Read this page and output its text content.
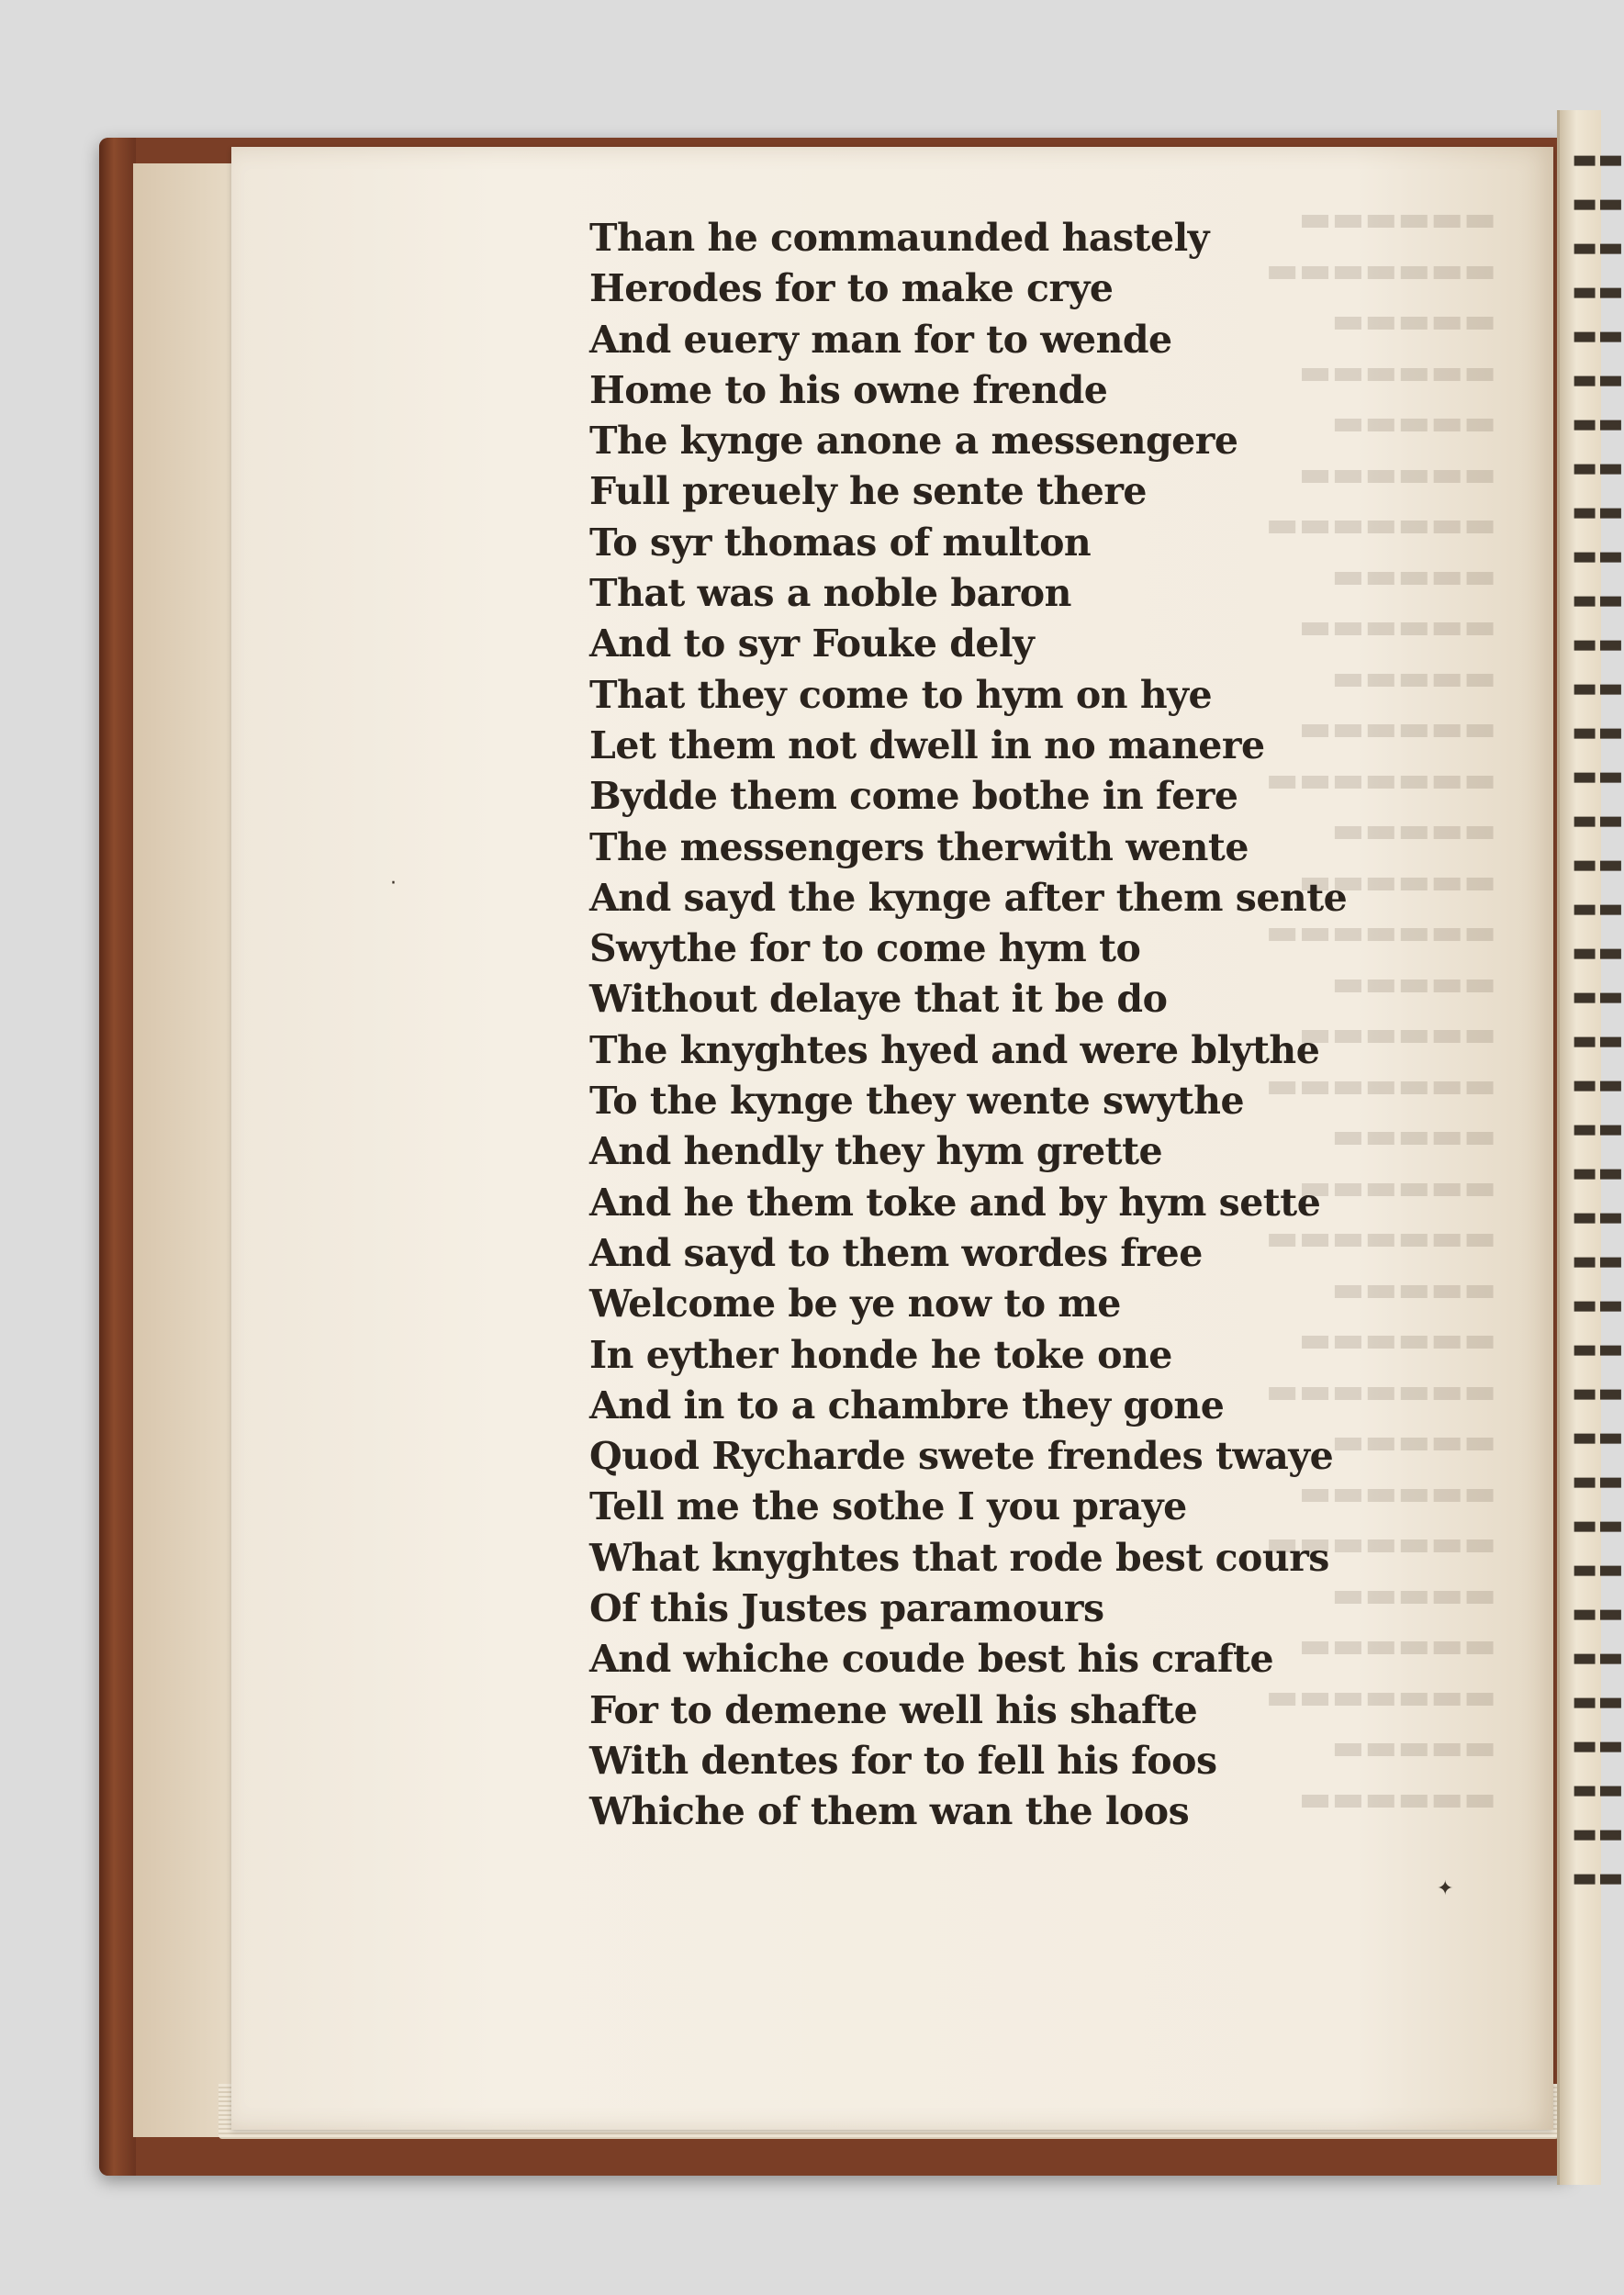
▬▬▬▬▬▬
▬▬▬▬▬▬▬
▬▬▬▬▬
▬▬▬▬▬▬
▬▬▬▬▬
▬▬▬▬▬▬
▬▬▬▬▬▬▬
▬▬▬▬▬
▬▬▬▬▬▬
▬▬▬▬▬
▬▬▬▬▬▬
▬▬▬▬▬▬▬
▬▬▬▬▬
▬▬▬▬▬▬
▬▬▬▬▬▬▬
▬▬▬▬▬
▬▬▬▬▬▬
▬▬▬▬▬▬▬
▬▬▬▬▬
▬▬▬▬▬▬
▬▬▬▬▬▬▬
▬▬▬▬▬
▬▬▬▬▬▬
▬▬▬▬▬▬▬
▬▬▬▬▬
▬▬▬▬▬▬
▬▬▬▬▬▬▬
▬▬▬▬▬
▬▬▬▬▬▬
▬▬▬▬▬▬▬
▬▬▬▬▬
▬▬▬▬▬▬
▬▬
▬▬
▬▬
▬▬
▬▬
▬▬
▬▬
▬▬
▬▬
▬▬
▬▬
▬▬
▬▬
▬▬
▬▬
▬▬
▬▬
▬▬
▬▬
▬▬
▬▬
▬▬
▬▬
▬▬
▬▬
▬▬
▬▬
▬▬
▬▬
▬▬
▬▬
▬▬
▬▬
▬▬
▬▬
▬▬
▬▬
▬▬
▬▬
▬▬
Than he commaunded hastely
Herodes for to make crye
And euery man for to wende
Home to his owne frende
The kynge anone a messengere
Full preuely he sente there
To syr thomas of multon
That was a noble baron
And to syr Fouke dely
That they come to hym on hye
Let them not dwell in no manere
Bydde them come bothe in fere
The messengers therwith wente
And sayd the kynge after them sente
Swythe for to come hym to
Without delaye that it be do
The knyghtes hyed and were blythe
To the kynge they wente swythe
And hendly they hym grette
And he them toke and by hym sette
And sayd to them wordes free
Welcome be ye now to me
In eyther honde he toke one
And in to a chambre they gone
Quod Rycharde swete frendes twaye
Tell me the sothe I you praye
What knyghtes that rode best cours
Of this Justes paramours
And whiche coude best his crafte
For to demene well his shafte
With dentes for to fell his foos
Whiche of them wan the loos
·
✦
